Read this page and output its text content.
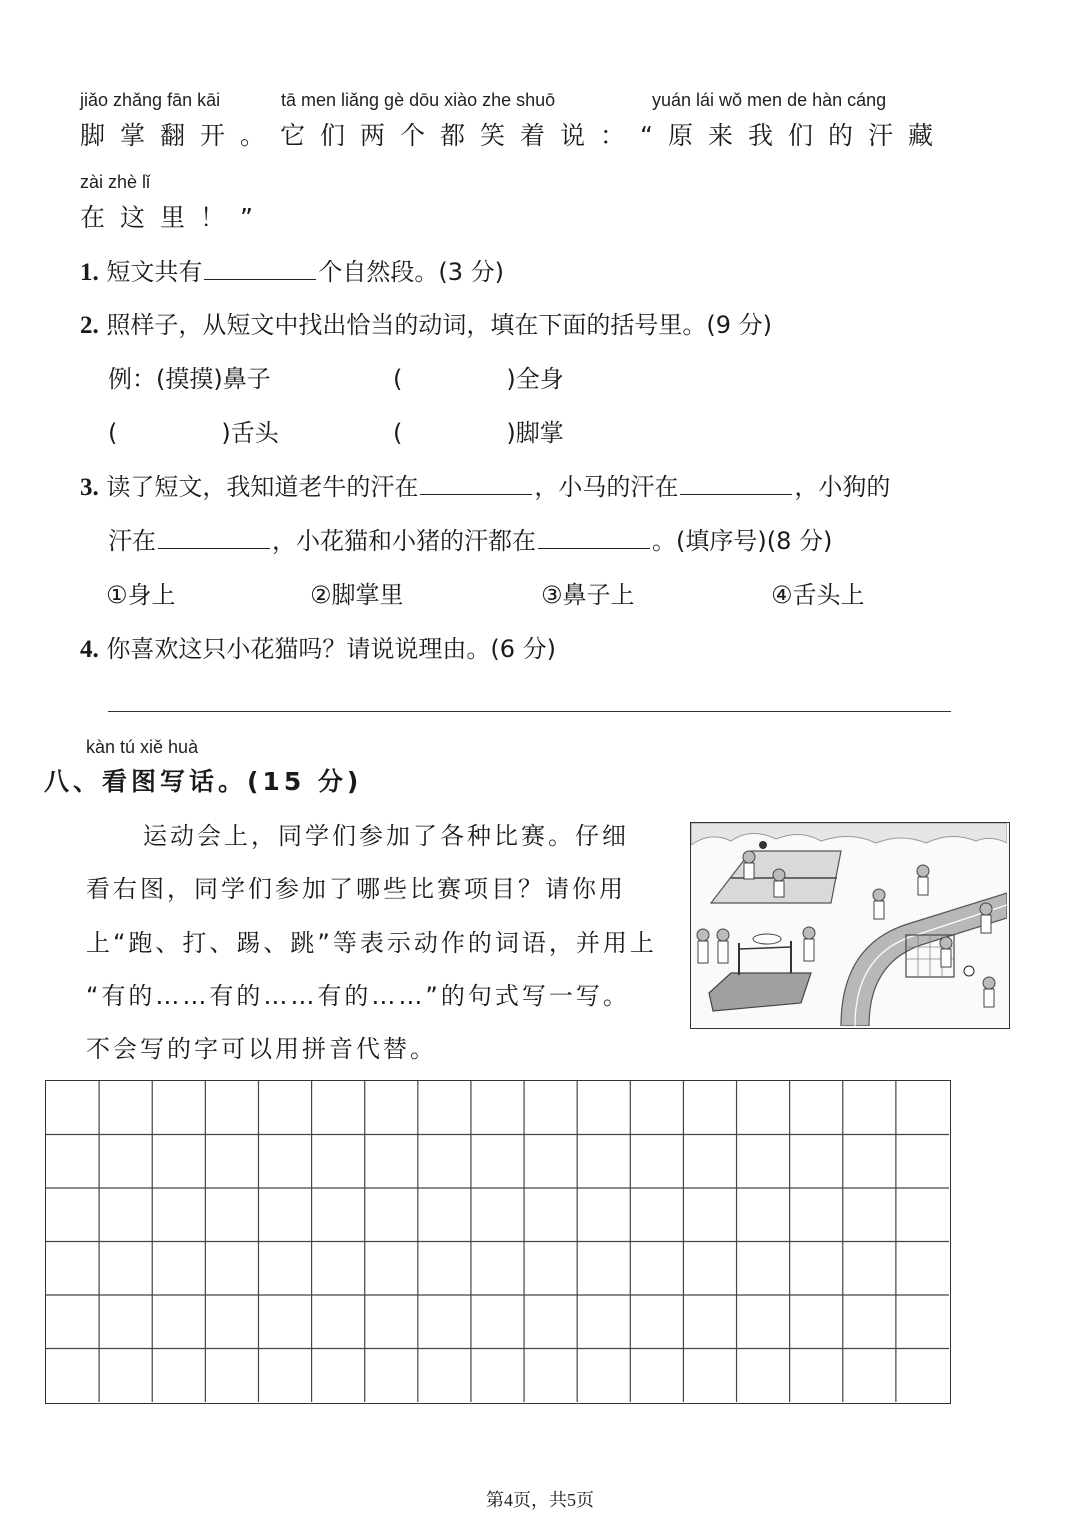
jiǎo zhǎng fān kāi	tā men liǎng gè dōu xiào zhe shuō	yuán lái wǒ men de hàn cáng
脚掌翻开。它们两个都笑着说：“原来我们的汗藏
zài zhè lǐ
在这里！”
1. 短文共有	个自然段。(3 分)
2. 照样子，从短文中找出恰当的动词，填在下面的括号里。(9 分)
例：(摸摸)鼻子	(	)全身
(	)舌头	(	)脚掌
3. 读了短文，我知道老牛的汗在	，小马的汗在	，小狗的
汗在	，小花猫和小猪的汗都在	。(填序号)(8 分)
①身上	②脚掌里	③鼻子上	④舌头上
4. 你喜欢这只小花猫吗？请说说理由。(6 分)
kàn tú xiě huà
八、看图写话。(15 分)
运动会上，同学们参加了各种比赛。仔细
看右图，同学们参加了哪些比赛项目？请你用
上“跑、打、踢、跳”等表示动作的词语，并用上
“有的……有的……有的……”的句式写一写。
不会写的字可以用拼音代替。
第4页，共5页
